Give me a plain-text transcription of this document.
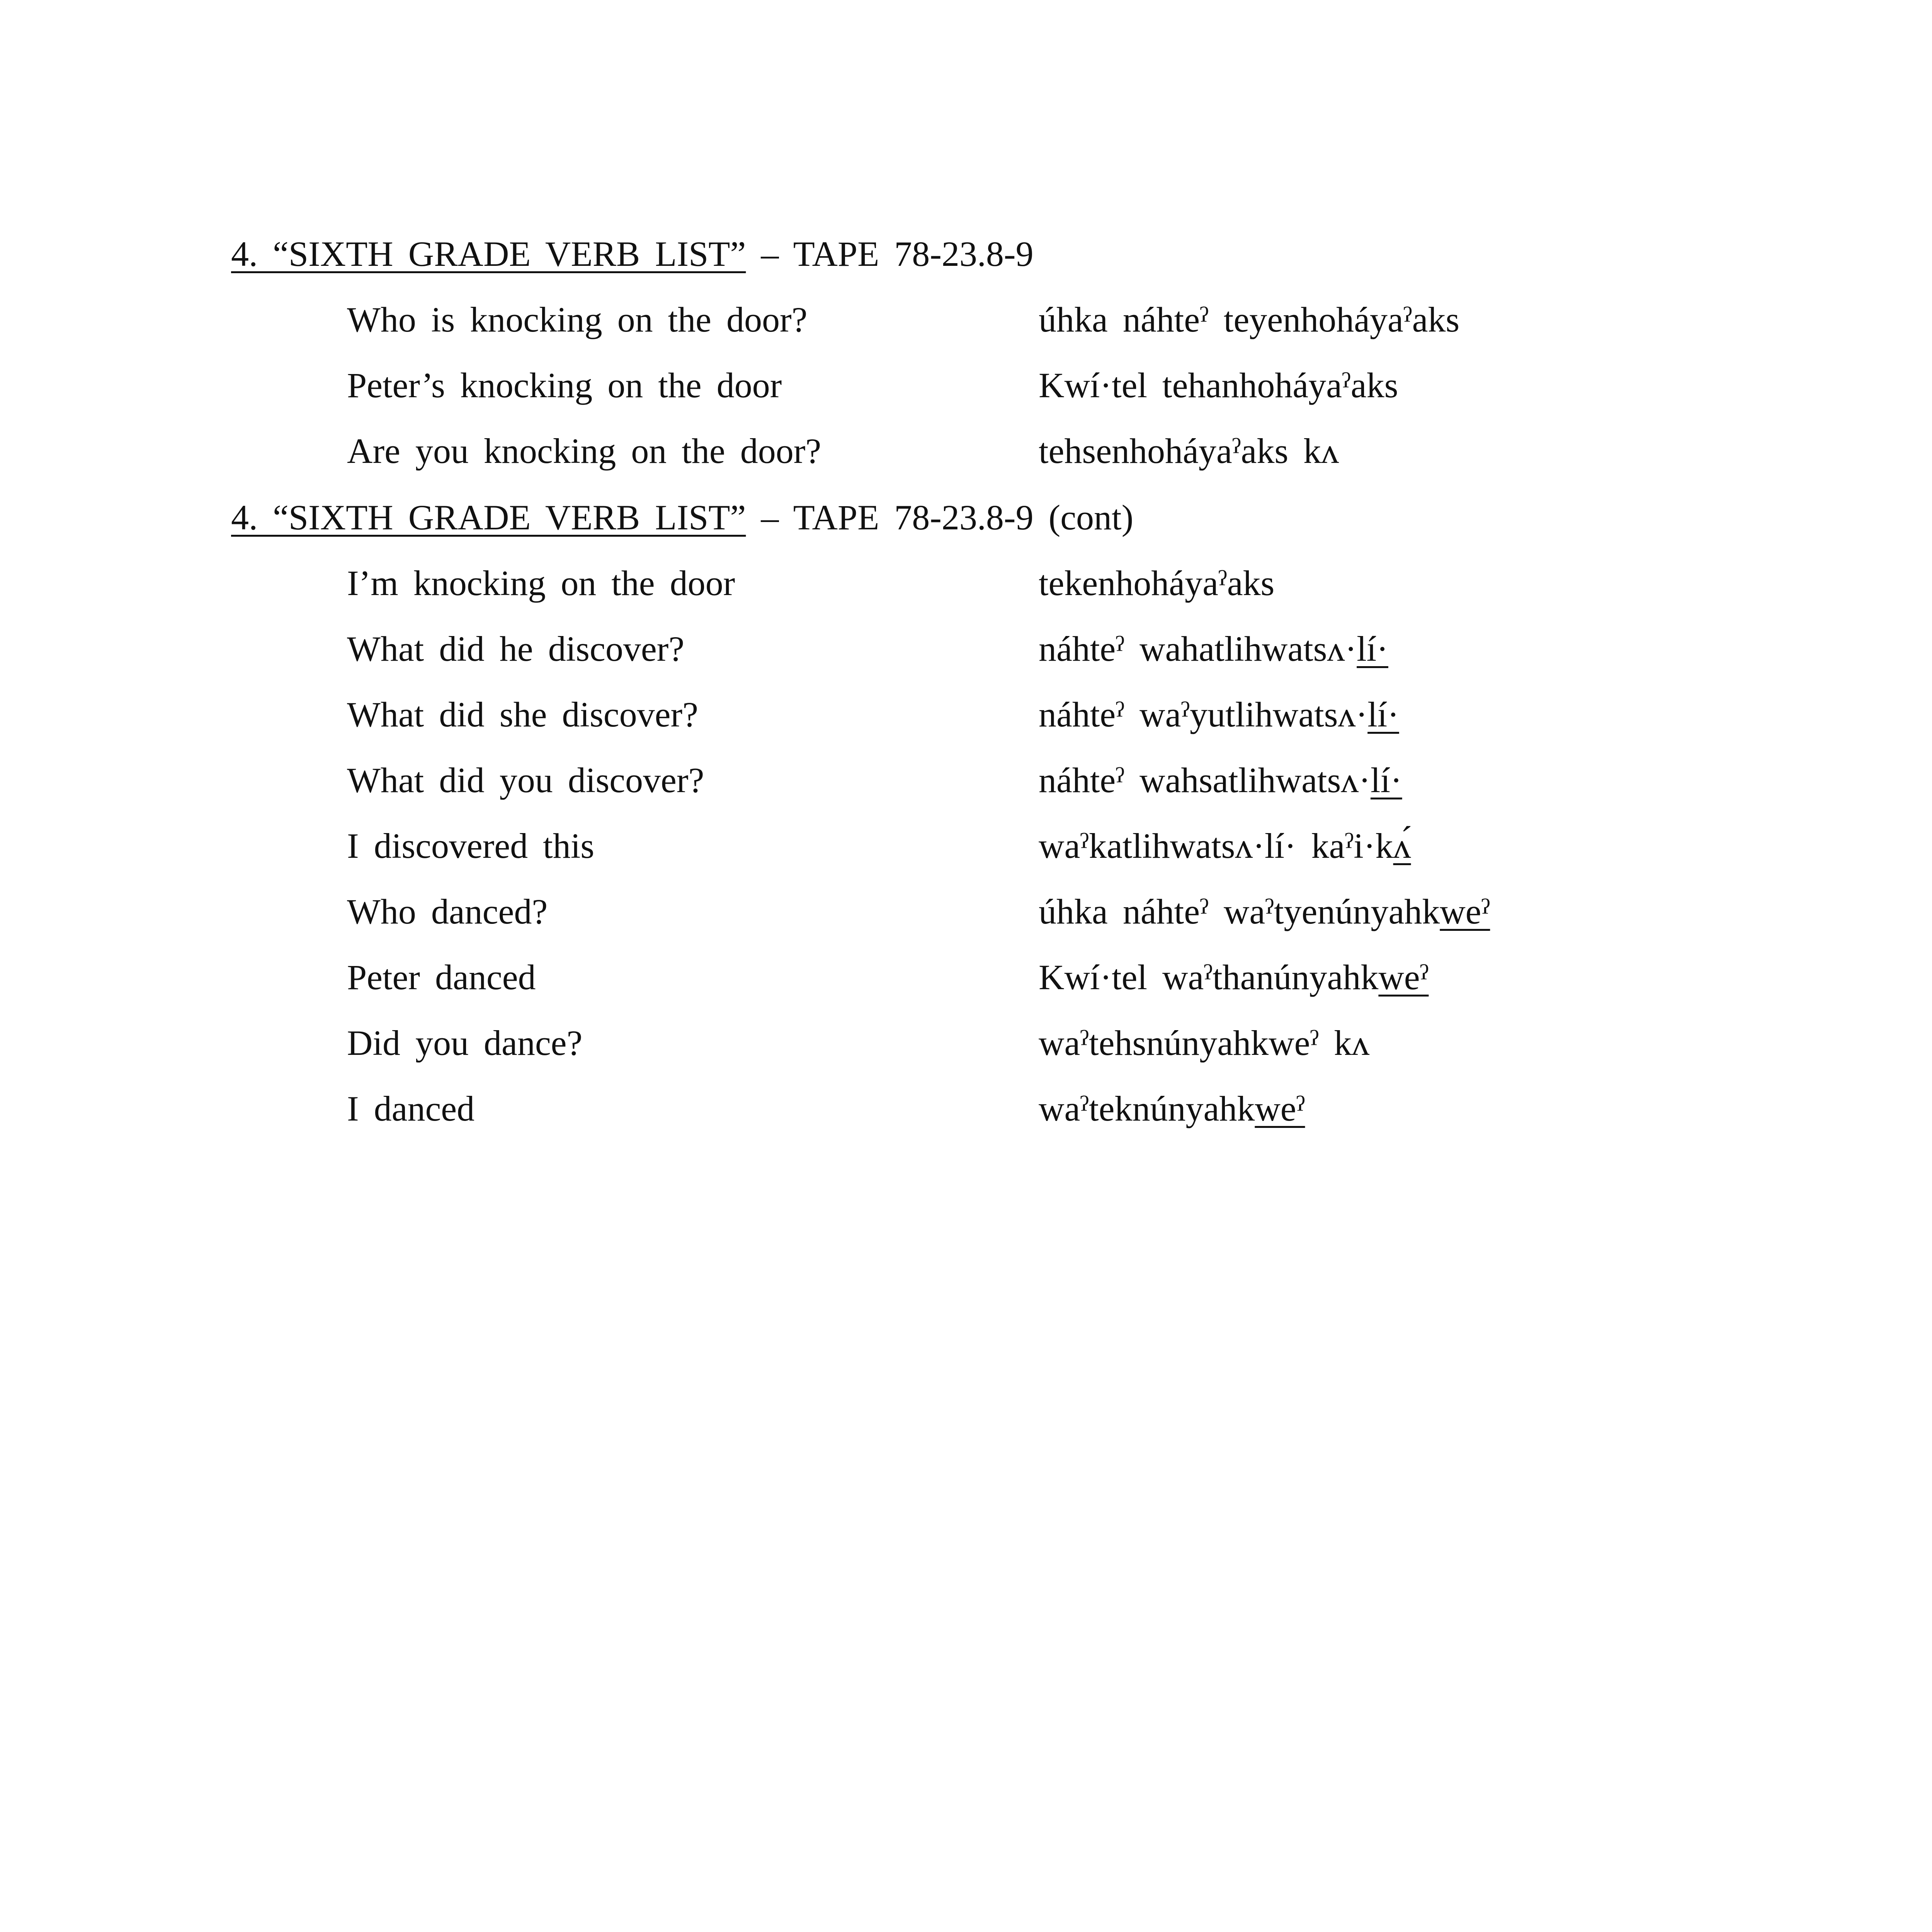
4. “SIXTH GRADE VERB LIST” – TAPE 78-23.8-9
Who is knocking on the door?	úhka náhteˀ teyenhoháyaˀaks
Peter’s knocking on the door	Kwí·tel tehanhoháyaˀaks
Are you knocking on the door?	tehsenhoháyaˀaks kʌ
4. “SIXTH GRADE VERB LIST” – TAPE 78-23.8-9 (cont)
I’m knocking on the door	tekenhoháyaˀaks
What did he discover?	náhteˀ wahatlihwatsʌ·lí·
What did she discover?	náhteˀ waˀyutlihwatsʌ·lí·
What did you discover?	náhteˀ wahsatlihwatsʌ·lí·
I discovered this	waˀkatlihwatsʌ·lí· kaˀi·kʌ́
Who danced?	úhka náhteˀ waˀtyenúnyahkweˀ
Peter danced	Kwí·tel waˀthanúnyahkweˀ
Did you dance?	waˀtehsnúnyahkweˀ kʌ
I danced	waˀteknúnyahkweˀ
